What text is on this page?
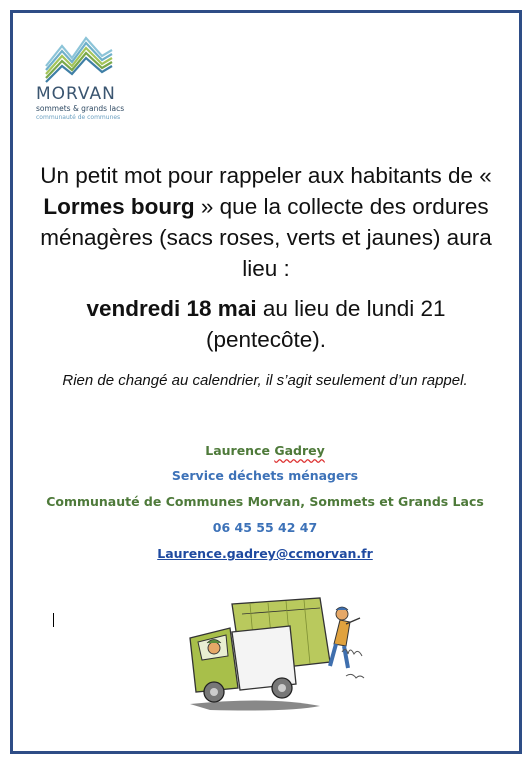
MORVAN
sommets & grands lacs
communauté de communes
Un petit mot pour rappeler aux habitants de « Lormes bourg » que la collecte des ordures ménagères (sacs roses, verts et jaunes) aura lieu :
vendredi 18 mai au lieu de lundi 21 (pentecôte).
Rien de changé au calendrier, il s’agit seulement d’un rappel.
Laurence Gadrey
Service déchets ménagers
Communauté de Communes Morvan, Sommets et Grands Lacs
06 45 55 42 47
Laurence.gadrey@ccmorvan.fr
